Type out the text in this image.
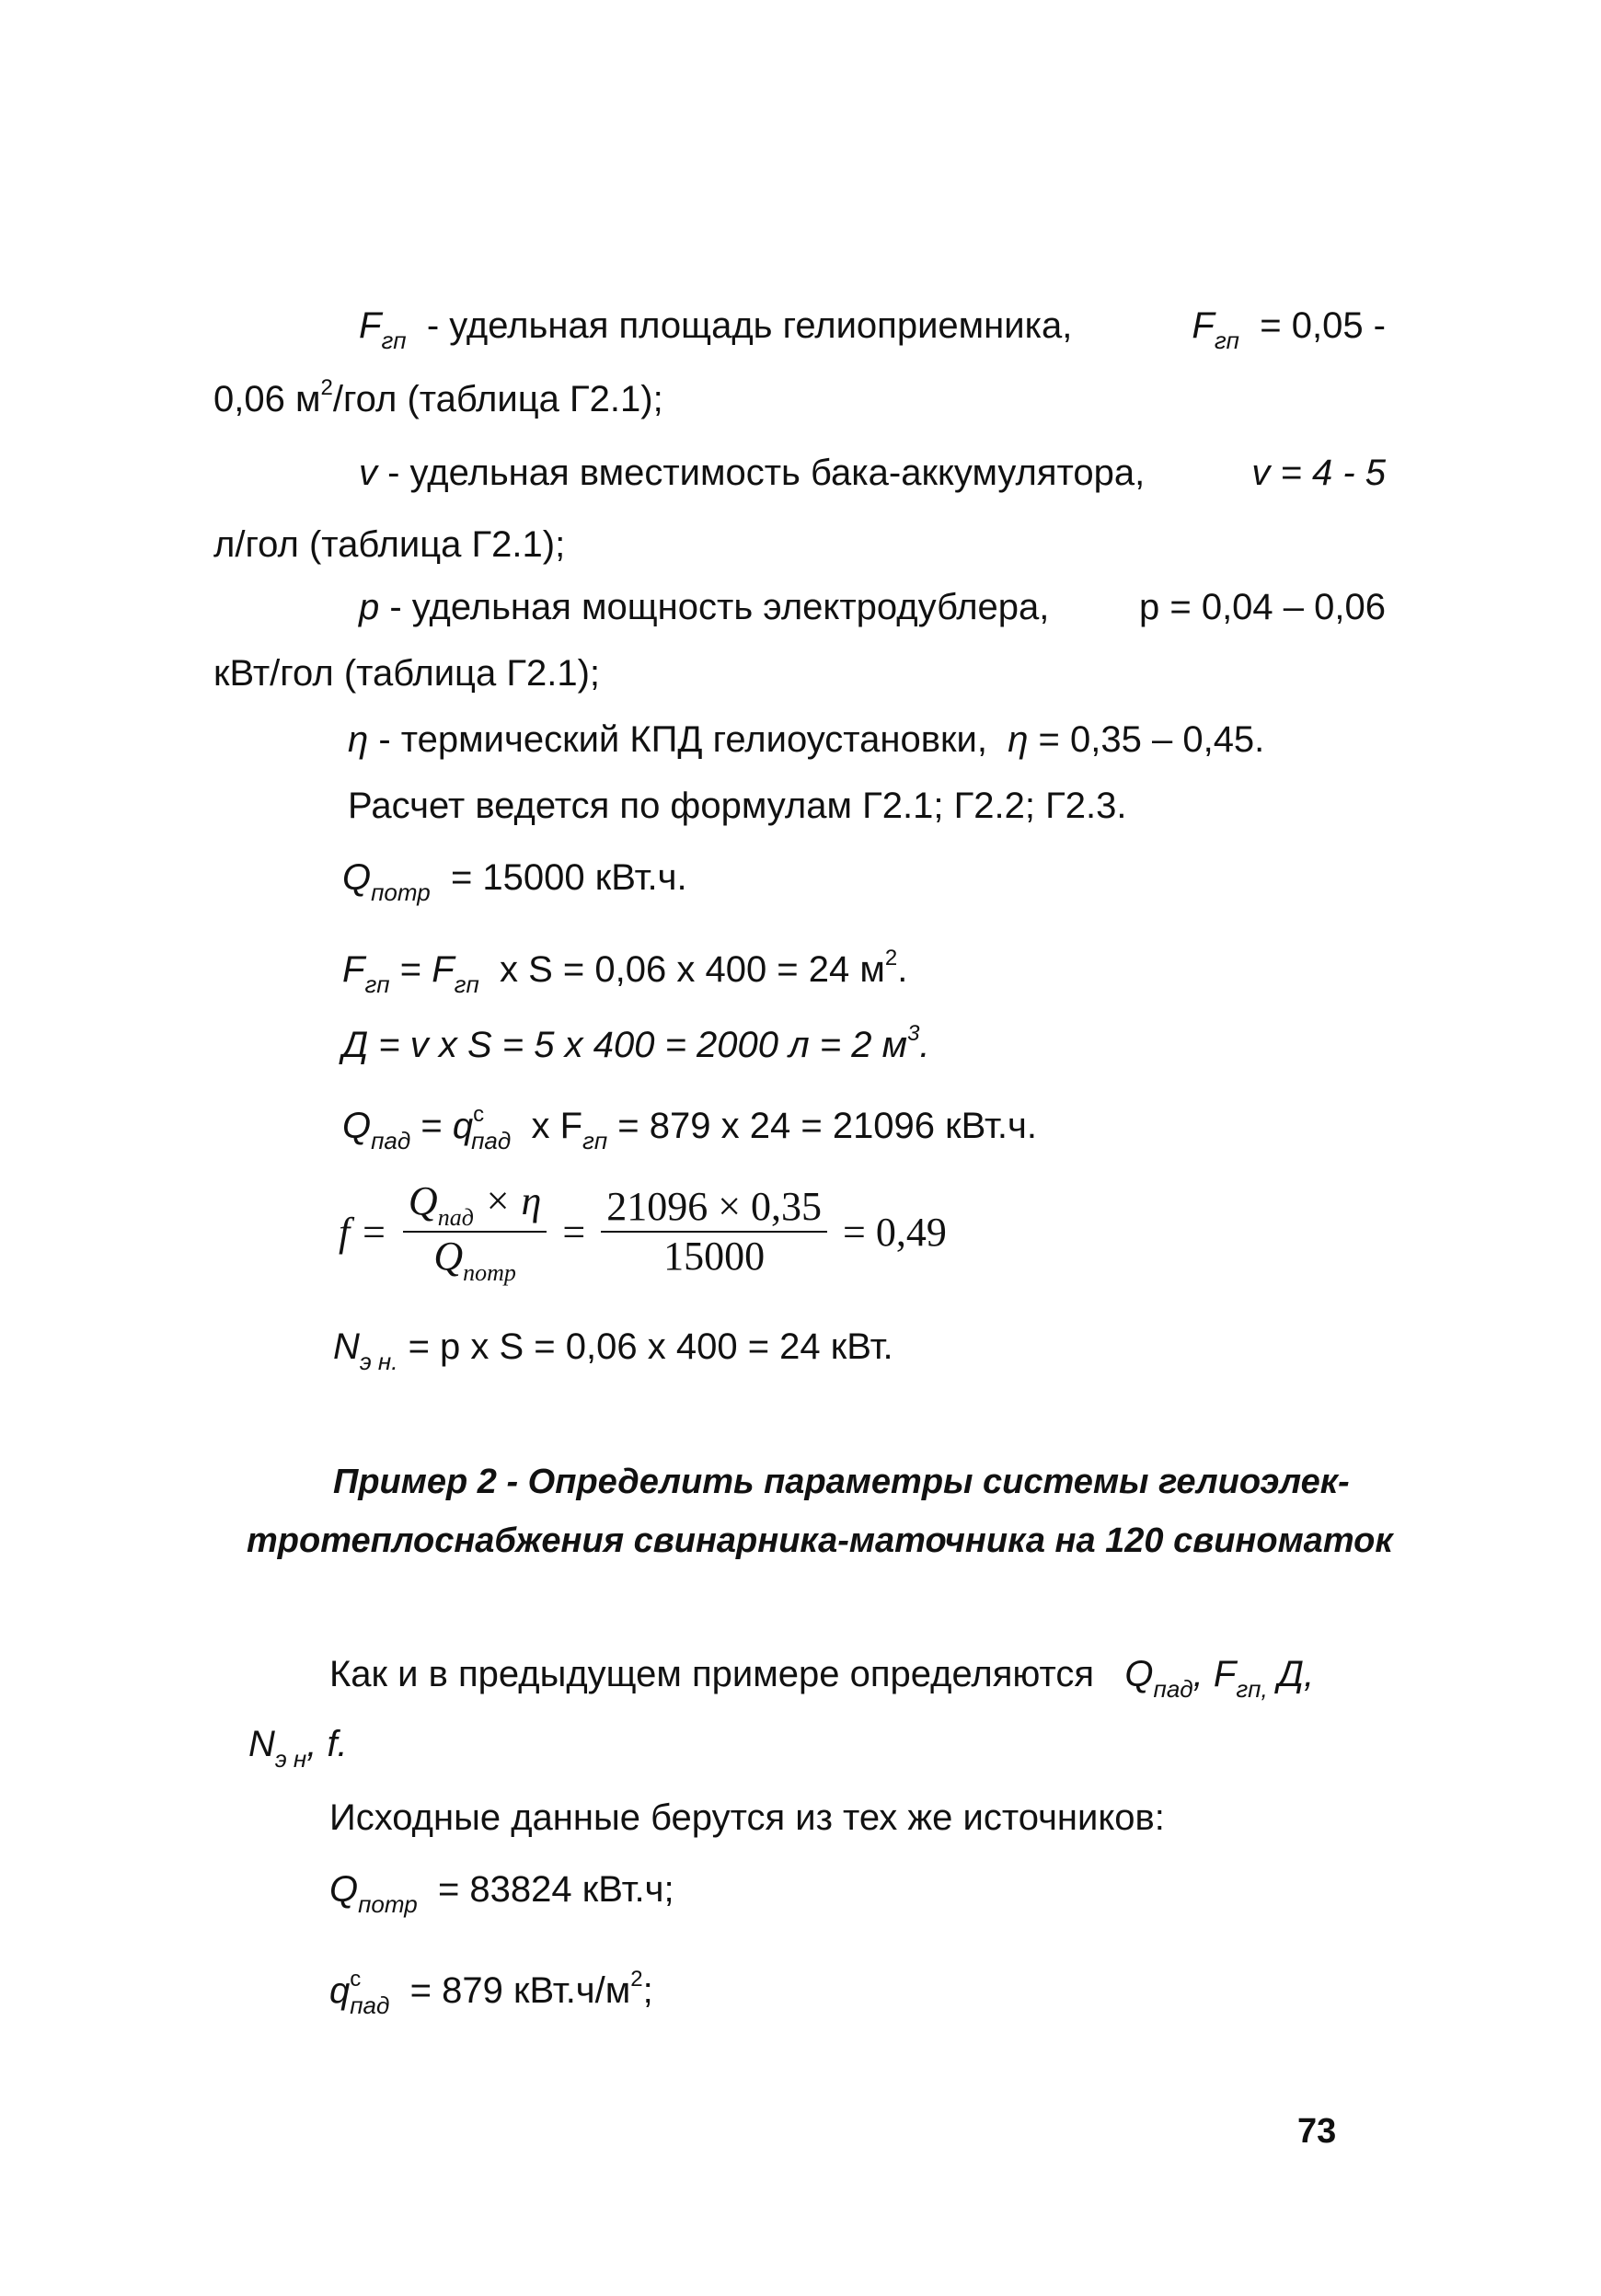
$F_{гп}$ - удельная площадь гелиоприемника,	$F_{гп} = 0,05$ -
0,06 $м^2$/гол (таблица Г2.1);
v - удельная вместимость бака-аккумулятора,	v = 4 - 5
л/гол (таблица Г2.1);
p - удельная мощность электродублера, p = 0,04 – 0,06
кВт/гол (таблица Г2.1);
η - термический КПД гелиоустановки, η = 0,35 – 0,45.
Расчет ведется по формулам Г2.1; Г2.2; Г2.3.
$Q_{потр} = 15000$ кВт.ч.
$F_{гп} = F_{гп}$ x S = 0,06 x 400 = 24 $м^2$.
Д = v x S = 5 x 400 = 2000 л = 2 $м^3$.
$Q_{пад} = q^c_{пад}$ x $F_{гп} = 879$ x 24 = 21096 кВт.ч.
$f = \frac{Q_{пад} \times \eta}{Q_{потр}} = \frac{21096 \times 0,35}{15000} = 0,49$
$N_{э н.} = p$ x S = 0,06 x 400 = 24 кВт.
Пример 2 - Определить параметры системы гелиоэлек-
тротеплоснабжения свинарника-маточника на 120 свиноматок
Как и в предыдущем примере определяются $Q_{пад}$, $F_{гп,}$ Д,
$N_{э н}$, f.
Исходные данные берутся из тех же источников:
$Q_{потр} = 83824$ кВт.ч;
$q^c_{пад} = 879$ $кВт.ч/м^2$;
73
